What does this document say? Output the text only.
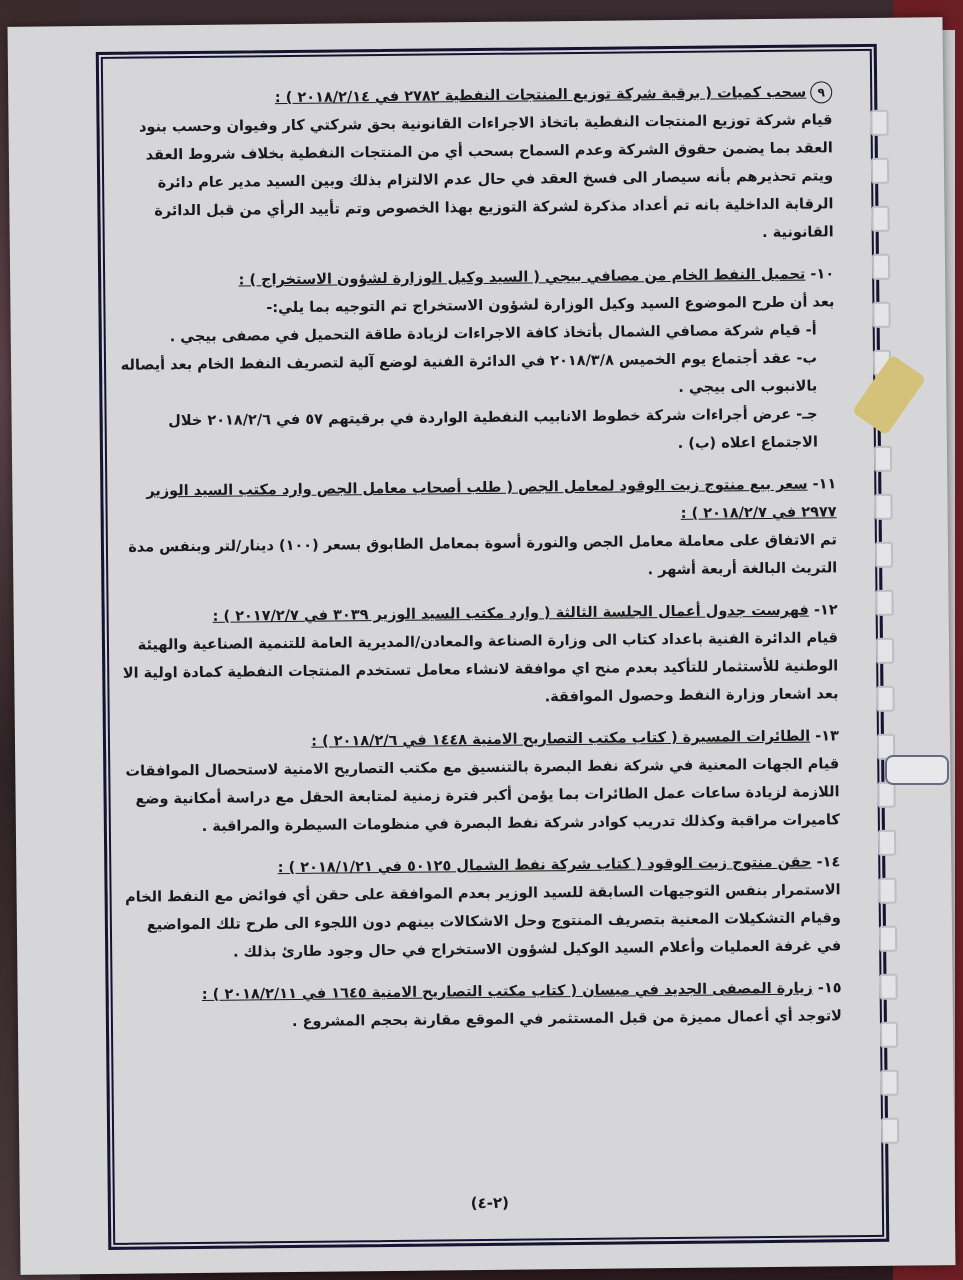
٩سحب كميات ( برقية شركة توزيع المنتجات النفطية ٢٧٨٢ في ٢٠١٨/٢/١٤ ) :

قيام شركة توزيع المنتجات النفطية باتخاذ الاجراءات القانونية بحق شركتي كار وفيوان وحسب بنود العقد بما يضمن حقوق الشركة وعدم السماح بسحب أي من المنتجات النفطية بخلاف شروط العقد ويتم تحذيرهم بأنه سيصار الى فسخ العقد في حال عدم الالتزام بذلك وبين السيد مدير عام دائرة الرقابة الداخلية بانه تم أعداد مذكرة لشركة التوزيع بهذا الخصوص وتم تأييد الرأي من قبل الدائرة القانونية .

١٠- تحميل النفط الخام من مصافي بيجي ( السيد وكيل الوزارة لشؤون الاستخراج ) :

بعد أن طرح الموضوع السيد وكيل الوزارة لشؤون الاستخراج تم التوجيه بما يلي:-

أ- قيام شركة مصافي الشمال بأتخاذ كافة الاجراءات لزيادة طاقة التحميل في مصفى بيجي .

ب- عقد أجتماع يوم الخميس ٢٠١٨/٣/٨ في الدائرة الفنية لوضع آلية لتصريف النفط الخام بعد أيصاله بالانبوب الى بيجي .

جـ- عرض أجراءات شركة خطوط الانابيب النفطية الواردة في برقيتهم ٥٧ في ٢٠١٨/٢/٦ خلال الاجتماع اعلاه (ب) .

١١- سعر بيع منتوج زيت الوقود لمعامل الجص ( طلب أصحاب معامل الجص وارد مكتب السيد الوزير ٢٩٧٧ في ٢٠١٨/٢/٧ ) :

تم الاتفاق على معاملة معامل الجص والنورة أسوة بمعامل الطابوق بسعر (١٠٠) دينار/لتر وبنفس مدة التريث البالغة أربعة أشهر .

١٢- فهرست جدول أعمال الجلسة الثالثة ( وارد مكتب السيد الوزير ٣٠٣٩ في ٢٠١٧/٢/٧ ) :

قيام الدائرة الفنية باعداد كتاب الى وزارة الصناعة والمعادن/المديرية العامة للتنمية الصناعية والهيئة الوطنية للأستثمار للتأكيد بعدم منح اي موافقة لانشاء معامل تستخدم المنتجات النفطية كمادة اولية الا بعد اشعار وزارة النفط وحصول الموافقة.

١٣- الطائرات المسيرة ( كتاب مكتب التصاريح الامنية ١٤٤٨ في ٢٠١٨/٢/٦ ) :

قيام الجهات المعنية في شركة نفط البصرة بالتنسيق مع مكتب التصاريح الامنية لاستحصال الموافقات اللازمة لزيادة ساعات عمل الطائرات بما يؤمن أكبر فترة زمنية لمتابعة الحقل مع دراسة أمكانية وضع كاميرات مراقبة وكذلك تدريب كوادر شركة نفط البصرة في منظومات السيطرة والمراقبة .

١٤- حقن منتوج زيت الوقود ( كتاب شركة نفط الشمال ٥٠١٢٥ في ٢٠١٨/١/٢١ ) :

الاستمرار بنفس التوجيهات السابقة للسيد الوزير بعدم الموافقة على حقن أي فوائض مع النفط الخام وقيام التشكيلات المعنية بتصريف المنتوج وحل الاشكالات بينهم دون اللجوء الى طرح تلك المواضيع في غرفة العمليات وأعلام السيد الوكيل لشؤون الاستخراج في حال وجود طارئ بذلك .

١٥- زيارة المصفى الجديد في ميسان ( كتاب مكتب التصاريح الامنية ١٦٤٥ في ٢٠١٨/٢/١١ ) :

لاتوجد أي أعمال مميزة من قبل المستثمر في الموقع مقارنة بحجم المشروع .

(٢-٤)
